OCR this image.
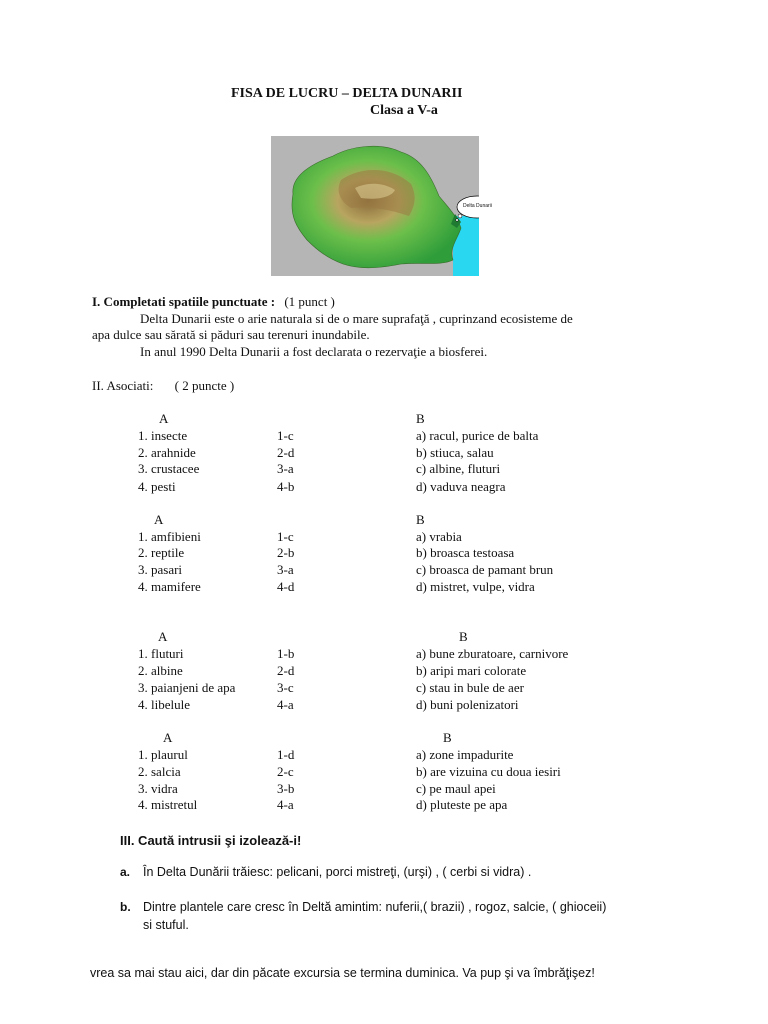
FISA DE LUCRU – DELTA DUNARII
Clasa a V-a
Delta Dunarii
I. Completati spatiile punctuate : (1 punct )
Delta Dunarii este o arie naturala si de o mare suprafaţă , cuprinzand ecosisteme de
apa dulce sau sărată si păduri sau terenuri inundabile.
In anul 1990 Delta Dunarii a fost declarata o rezervaţie a biosferei.
II. Asociati: ( 2 puncte )
A	B
1. insecte	1-c	a) racul, purice de balta
2. arahnide	2-d	b) stiuca, salau
3. crustacee	3-a	c) albine, fluturi
4. pesti	4-b	d) vaduva neagra
A	B
1. amfibieni	1-c	a) vrabia
2. reptile	2-b	b) broasca testoasa
3. pasari	3-a	c) broasca de pamant brun
4. mamifere	4-d	d) mistret, vulpe, vidra
A	B
1. fluturi	1-b	a) bune zburatoare, carnivore
2. albine	2-d	b) aripi mari colorate
3. paianjeni de apa	3-c	c) stau in bule de aer
4. libelule	4-a	d) buni polenizatori
A	B
1. plaurul	1-d	a) zone impadurite
2. salcia	2-c	b) are vizuina cu doua iesiri
3. vidra	3-b	c) pe maul apei
4. mistretul	4-a	d) pluteste pe apa
III. Caută intrusii şi izolează-i!
a. În Delta Dunării trăiesc: pelicani, porci mistreţi, (urşi) , ( cerbi si vidra) .
b. Dintre plantele care cresc în Deltă amintim: nuferii,( brazii) , rogoz, salcie, ( ghioceii)
si stuful.
vrea sa mai stau aici, dar din păcate excursia se termina duminica. Va pup şi va îmbrăţişez!
